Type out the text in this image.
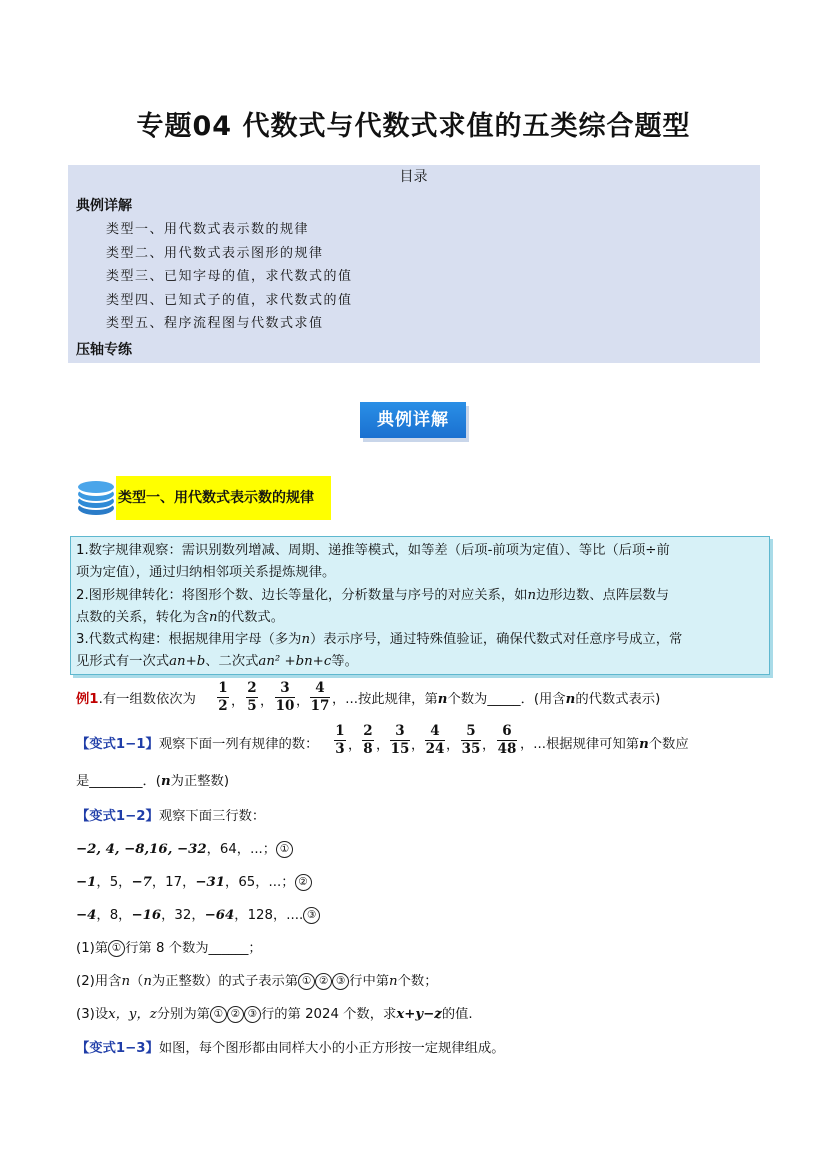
专题04 代数式与代数式求值的五类综合题型
目录
典例详解
类型一、用代数式表示数的规律
类型二、用代数式表示图形的规律
类型三、已知字母的值，求代数式的值
类型四、已知式子的值，求代数式的值
类型五、程序流程图与代数式求值
压轴专练
典例详解
类型一、用代数式表示数的规律
1.数字规律观察：需识别数列增减、周期、递推等模式，如等差（后项-前项为定值）、等比（后项÷前
项为定值），通过归纳相邻项关系提炼规律。
2.图形规律转化：将图形个数、边长等量化，分析数量与序号的对应关系，如n边形边数、点阵层数与
点数的关系，转化为含n的代数式。
3.代数式构建：根据规律用字母（多为n）表示序号，通过特殊值验证，确保代数式对任意序号成立，常
见形式有一次式an+b、二次式an² +bn+c等。
例1.有一组数依次为
1
2 ，
2
5 ，
3
10 ，
4
17 ，...按此规律，第n个数为_____．(用含n的代数式表示)
【变式1−1】观察下面一列有规律的数：
1
3 ，
2
8 ，
3
15 ，
4
24 ，
5
35 ，
6
48 ，...根据规律可知第n个数应
是________．(n为正整数)
【变式1−2】观察下面三行数：
−2, 4, −8,16, −32，64，...； ①
−1，5，−7，17，−31，65，...； ②
−4，8，−16，32，−64，128，.... ③
(1)第 ① 行第 8 个数为______；
(2)用含n（n为正整数）的式子表示第 ① ② ③ 行中第n个数；
(3)设x，y，z分别为第 ① ② ③ 行的第 2024 个数，求x+y−z的值.
【变式1−3】如图，每个图形都由同样大小的小正方形按一定规律组成。
